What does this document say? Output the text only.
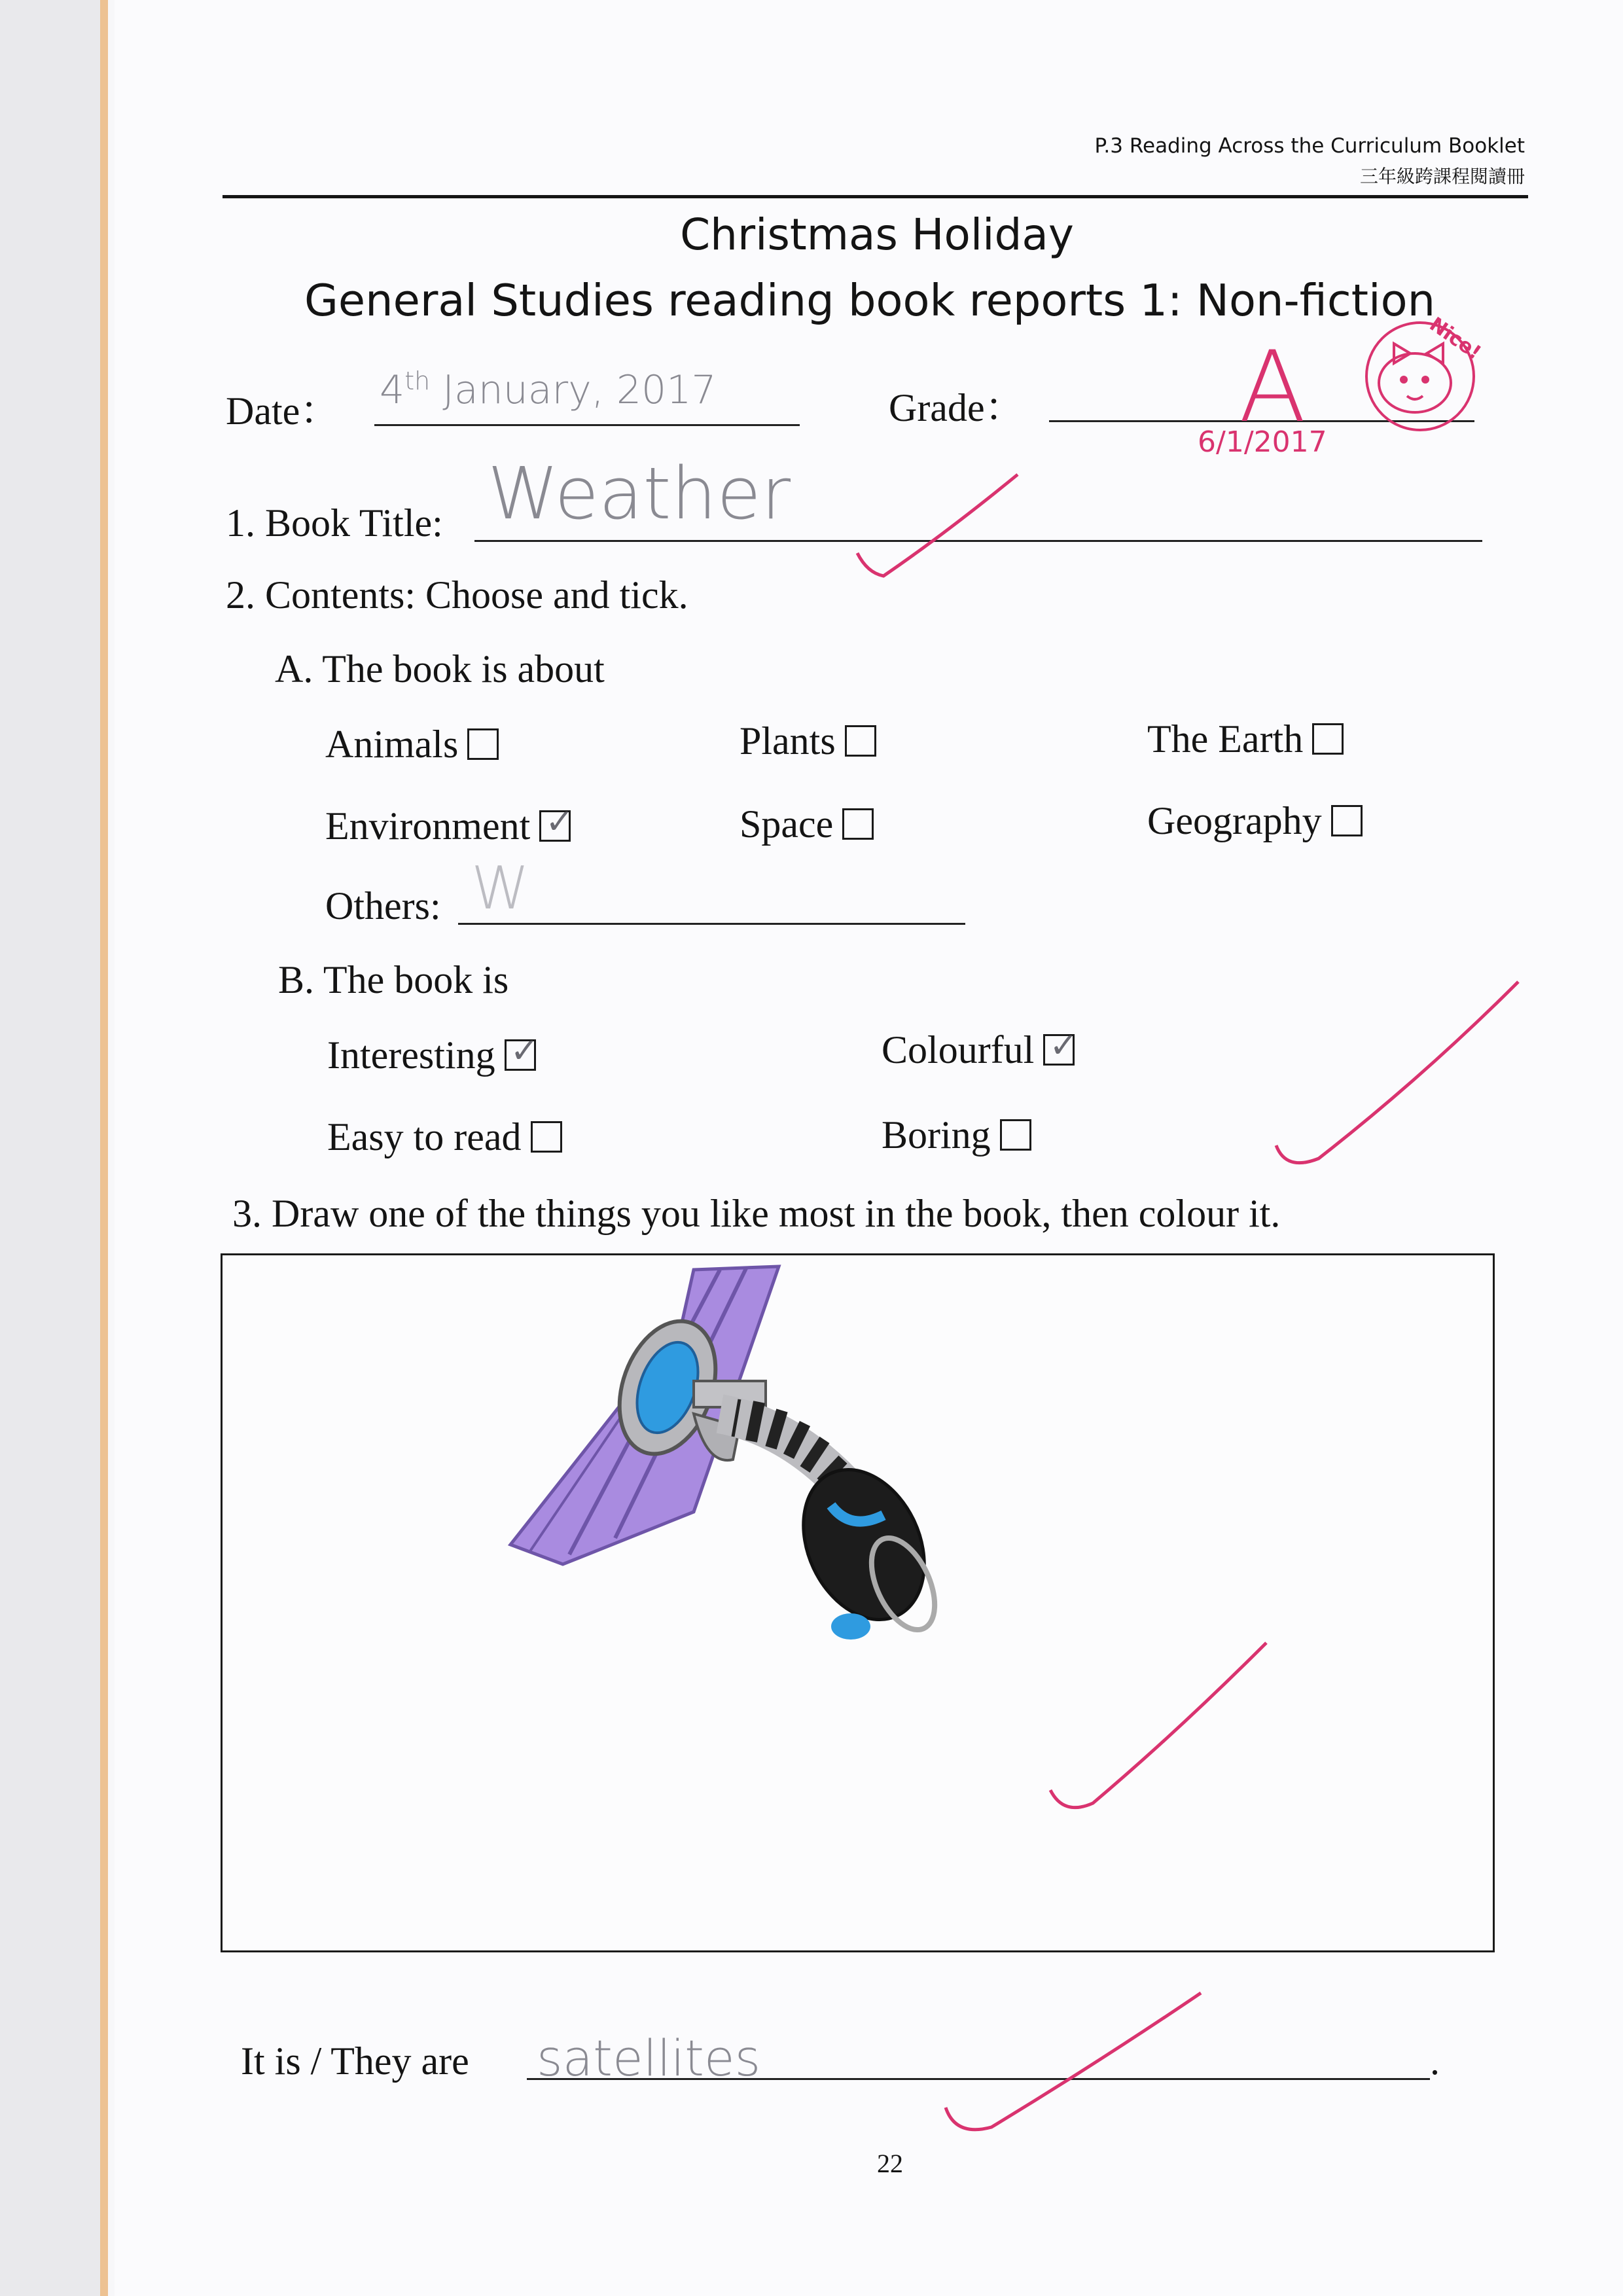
P.3 Reading Across the Curriculum Booklet
三年級跨課程閱讀冊
Christmas Holiday
General Studies reading book reports 1: Non-fiction
Date： 4th January, 2017	Grade： A
6/1/2017
Nice!
1. Book Title: Weather
2. Contents: Choose and tick.
A. The book is about
Animals	Plants	The Earth
Environment ✓	Space	Geography
Others: W
B. The book is
Interesting ✓	Colourful ✓
Easy to read	Boring
3. Draw one of the things you like most in the book, then colour it.
It is / They are satellites	.
22
